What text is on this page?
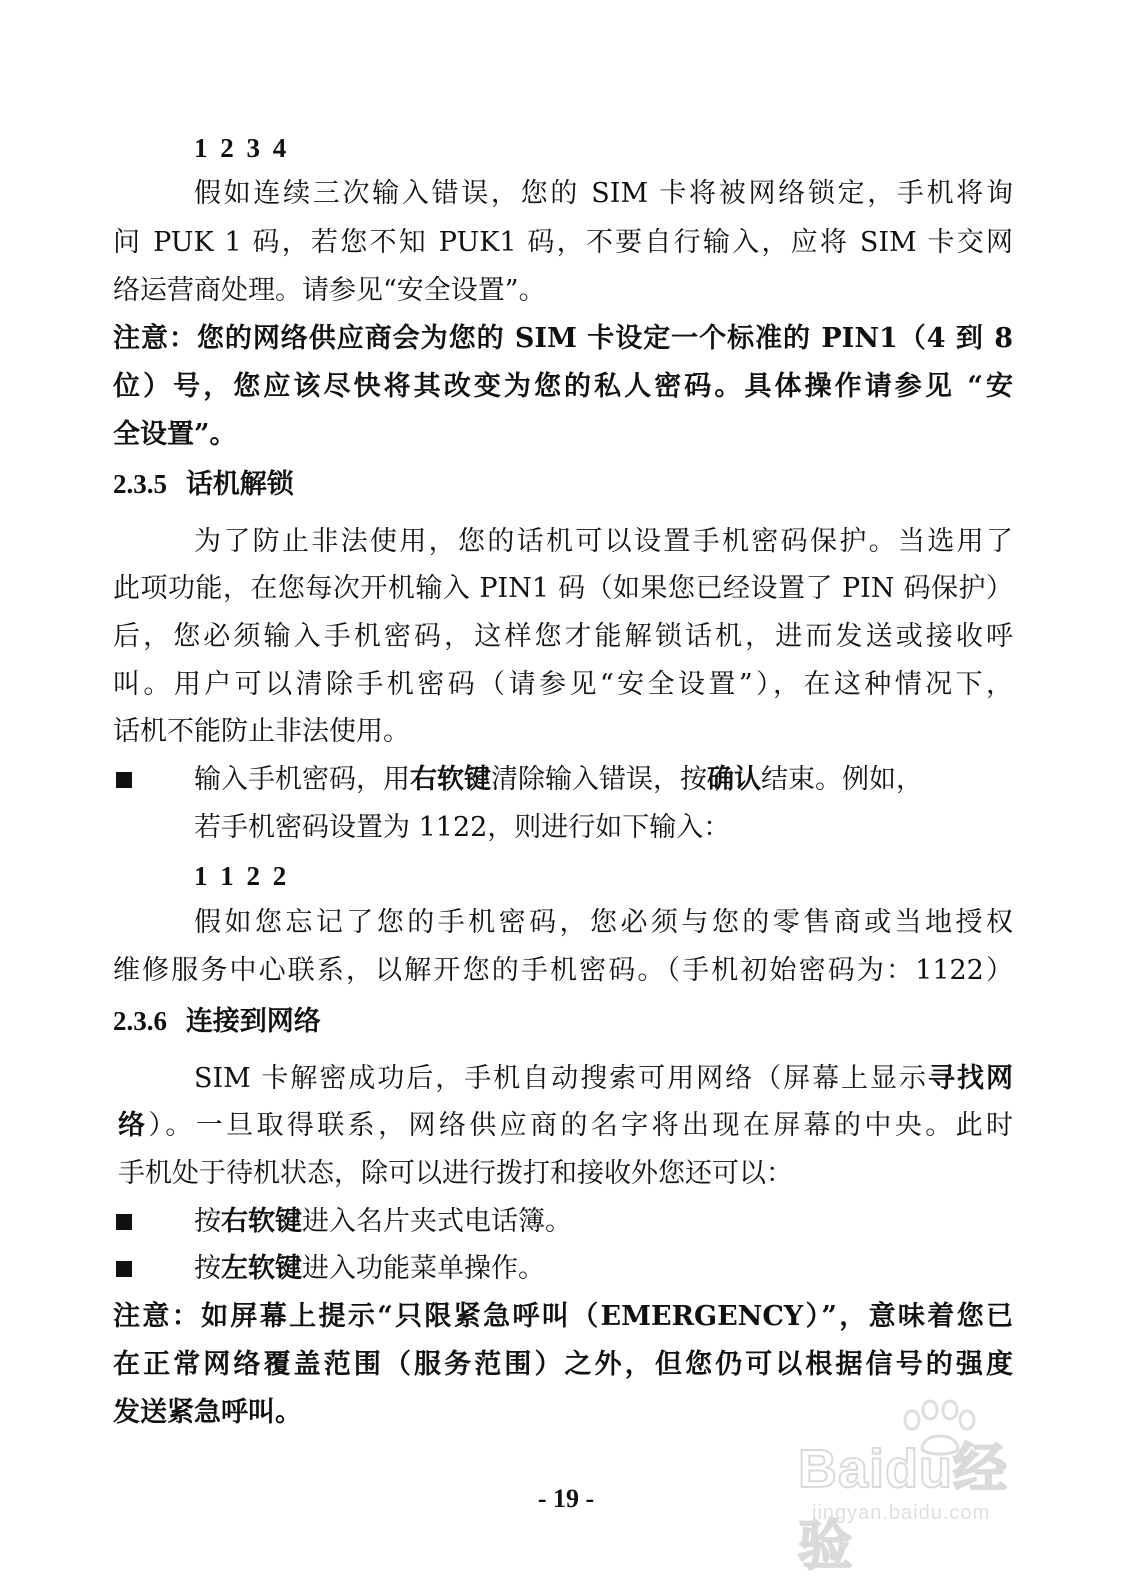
1 2 3 4
假如连续三次输入错误，您的 SIM 卡将被网络锁定，手机将询
问 PUK 1 码，若您不知 PUK1 码，不要自行输入，应将 SIM 卡交网
络运营商处理。请参见“安全设置”。
注意：您的网络供应商会为您的 SIM 卡设定一个标准的 PIN1（4 到 8
位）号，您应该尽快将其改变为您的私人密码。具体操作请参见 “安
全设置”。
2.3.5 话机解锁
为了防止非法使用，您的话机可以设置手机密码保护。当选用了
此项功能，在您每次开机输入 PIN1 码（如果您已经设置了 PIN 码保护）
后，您必须输入手机密码，这样您才能解锁话机，进而发送或接收呼
叫。用户可以清除手机密码（请参见“安全设置”），在这种情况下，
话机不能防止非法使用。
输入手机密码，用右软键清除输入错误，按确认结束。例如，
若手机密码设置为 1122，则进行如下输入：
1 1 2 2
假如您忘记了您的手机密码，您必须与您的零售商或当地授权
维修服务中心联系，以解开您的手机密码。（手机初始密码为：1122）
2.3.6 连接到网络
SIM 卡解密成功后，手机自动搜索可用网络（屏幕上显示寻找网
络）。一旦取得联系，网络供应商的名字将出现在屏幕的中央。此时
手机处于待机状态，除可以进行拨打和接收外您还可以：
按右软键进入名片夹式电话簿。
按左软键进入功能菜单操作。
注意：如屏幕上提示“只限紧急呼叫（EMERGENCY）”，意味着您已
在正常网络覆盖范围（服务范围）之外，但您仍可以根据信号的强度
发送紧急呼叫。
- 19 -	Baidu经验
jingyan.baidu.com
